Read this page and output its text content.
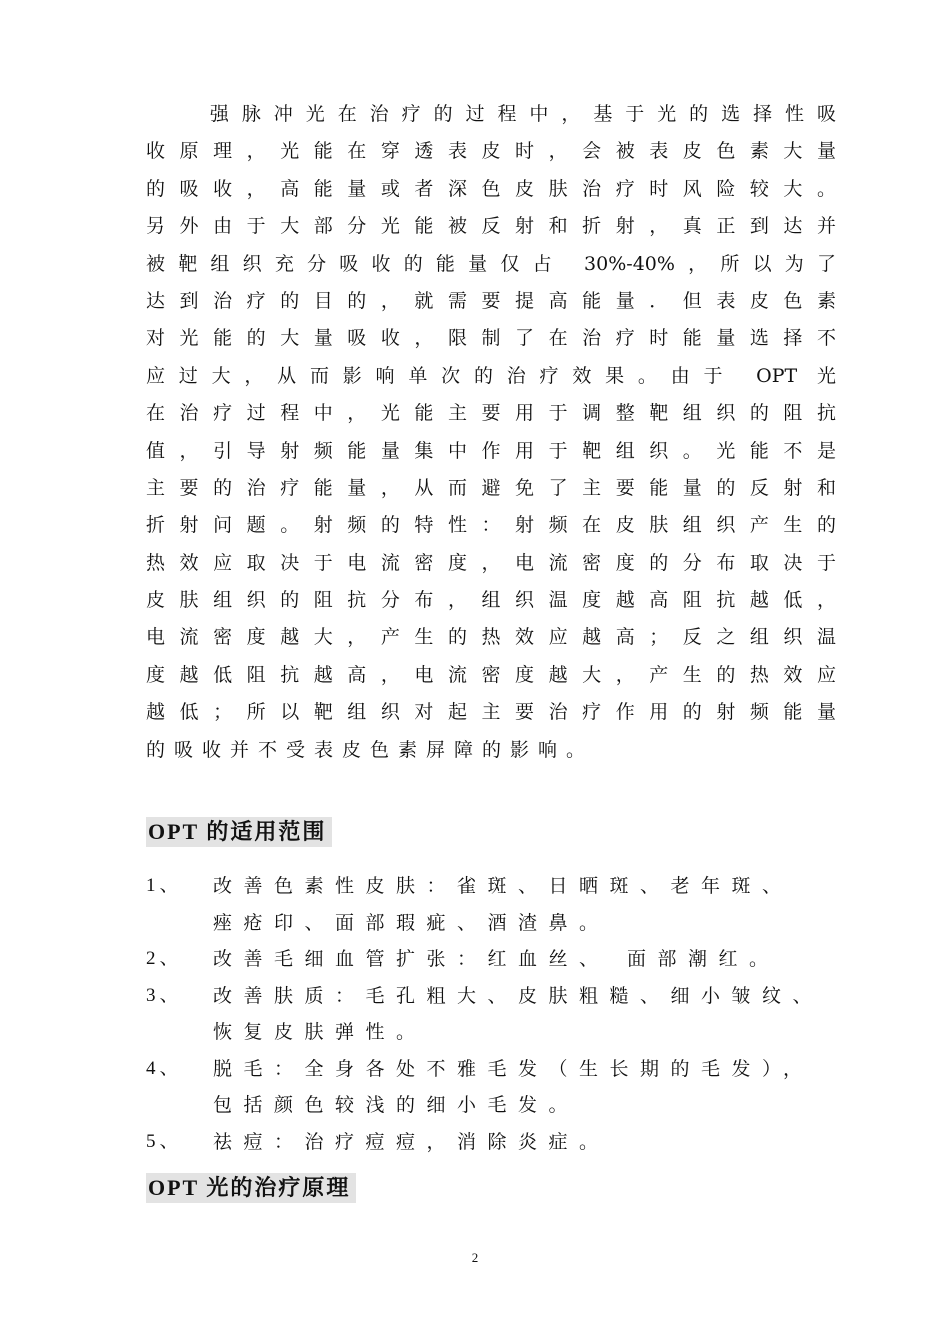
　　强脉冲光在治疗的过程中，基于光的选择性吸
收原理，光能在穿透表皮时，会被表皮色素大量
的吸收，高能量或者深色皮肤治疗时风险较大。
另外由于大部分光能被反射和折射，真正到达并
被靶组织充分吸收的能量仅占 30%-40%，所以为了
达到治疗的目的，就需要提高能量．但表皮色素
对光能的大量吸收，限制了在治疗时能量选择不
应过大，从而影响单次的治疗效果。由于 OPT 光
在治疗过程中，光能主要用于调整靶组织的阻抗
值，引导射频能量集中作用于靶组织。光能不是
主要的治疗能量，从而避免了主要能量的反射和
折射问题。射频的特性：射频在皮肤组织产生的
热效应取决于电流密度，电流密度的分布取决于
皮肤组织的阻抗分布，组织温度越高阻抗越低，
电流密度越大，产生的热效应越高；反之组织温
度越低阻抗越高，电流密度越大，产生的热效应
越低；所以靶组织对起主要治疗作用的射频能量
的吸收并不受表皮色素屏障的影响。
OPT 的适用范围
1、	改善色素性皮肤：雀斑、日晒斑、老年斑、
痤疮印、面部瑕疵、酒渣鼻。
2、	改善毛细血管扩张：红血丝、 面部潮红。
3、	改善肤质：毛孔粗大、皮肤粗糙、细小皱纹、
恢复皮肤弹性。
4、	脱毛：全身各处不雅毛发（生长期的毛发），
包括颜色较浅的细小毛发。
5、	祛痘：治疗痘痘，消除炎症。
OPT 光的治疗原理
2
